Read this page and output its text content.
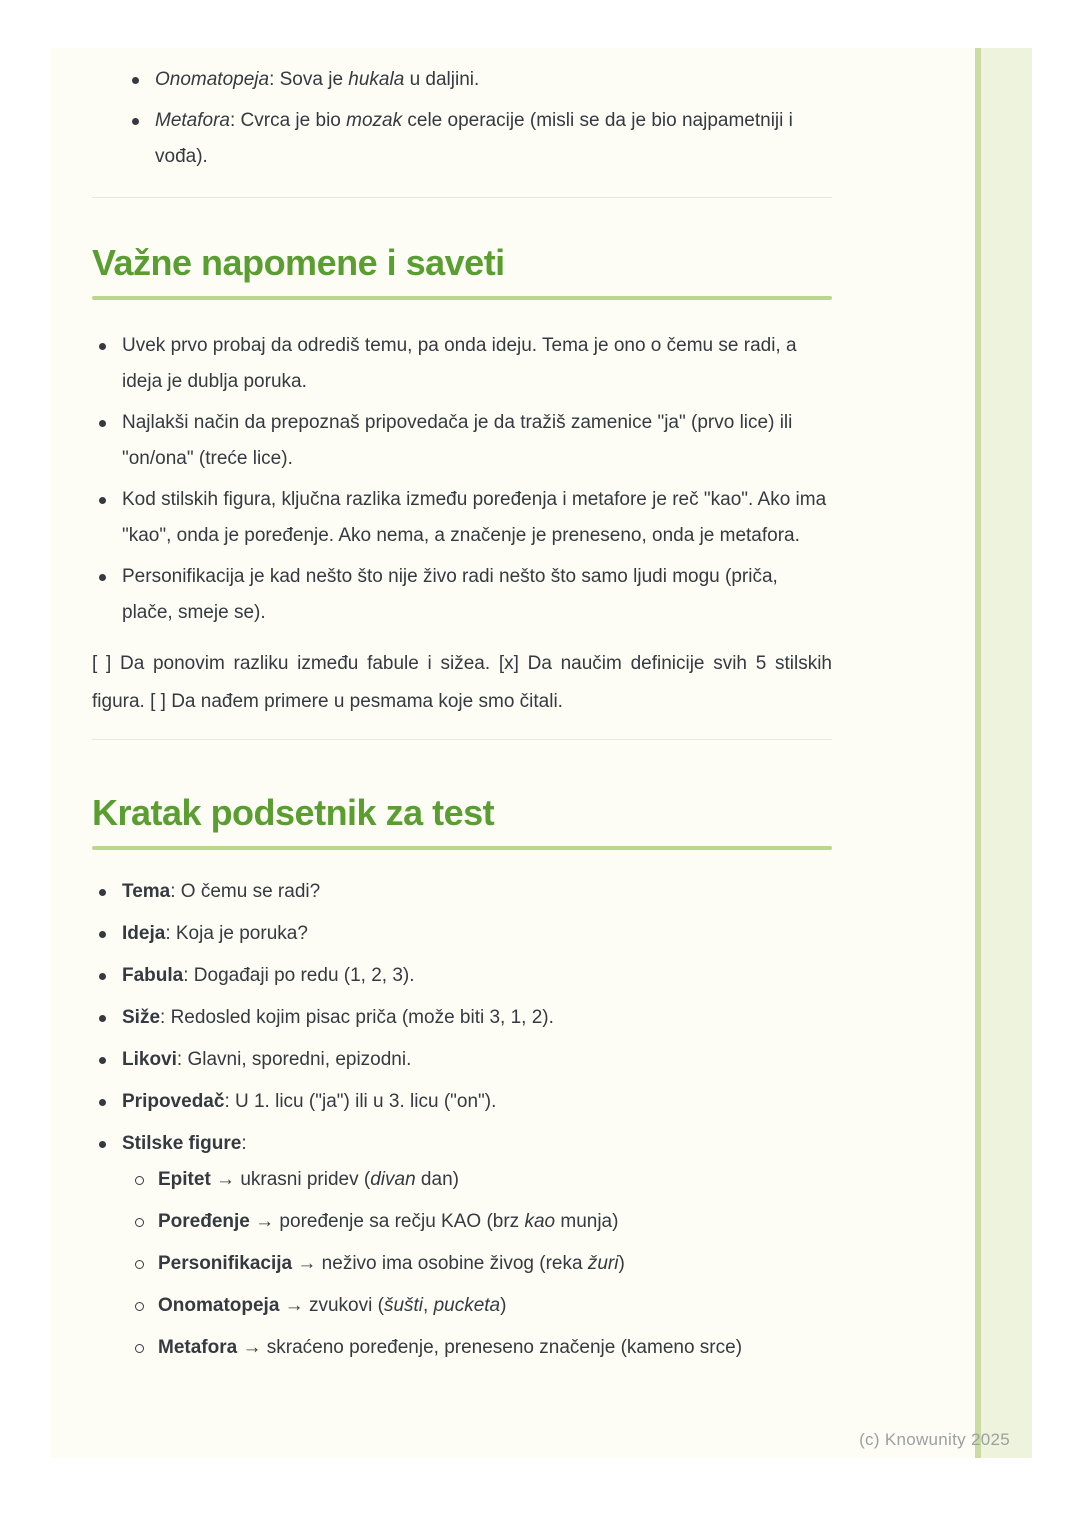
Onomatopeja: Sova je hukala u daljini.
Metafora: Cvrca je bio mozak cele operacije (misli se da je bio najpametniji i vođa).
Važne napomene i saveti
Uvek prvo probaj da odrediš temu, pa onda ideju. Tema je ono o čemu se radi, a ideja je dublja poruka.
Najlakši način da prepoznaš pripovedača je da tražiš zamenice "ja" (prvo lice) ili "on/ona" (treće lice).
Kod stilskih figura, ključna razlika između poređenja i metafore je reč "kao". Ako ima "kao", onda je poređenje. Ako nema, a značenje je preneseno, onda je metafora.
Personifikacija je kad nešto što nije živo radi nešto što samo ljudi mogu (priča, plače, smeje se).

[ ] Da ponovim razliku između fabule i sižea. [x] Da naučim definicije svih 5 stilskih figura. [ ] Da nađem primere u pesmama koje smo čitali.

Kratak podsetnik za test
Tema: O čemu se radi?
Ideja: Koja je poruka?
Fabula: Događaji po redu (1, 2, 3).
Siže: Redosled kojim pisac priča (može biti 3, 1, 2).
Likovi: Glavni, sporedni, epizodni.
Pripovedač: U 1. licu ("ja") ili u 3. licu ("on").
Stilske figure:
Epitet → ukrasni pridev (divan dan)
Poređenje → poređenje sa rečju KAO (brz kao munja)
Personifikacija → neživo ima osobine živog (reka žuri)
Onomatopeja → zvukovi (šušti, pucketa)
Metafora → skraćeno poređenje, preneseno značenje (kameno srce)
(c) Knowunity 2025
